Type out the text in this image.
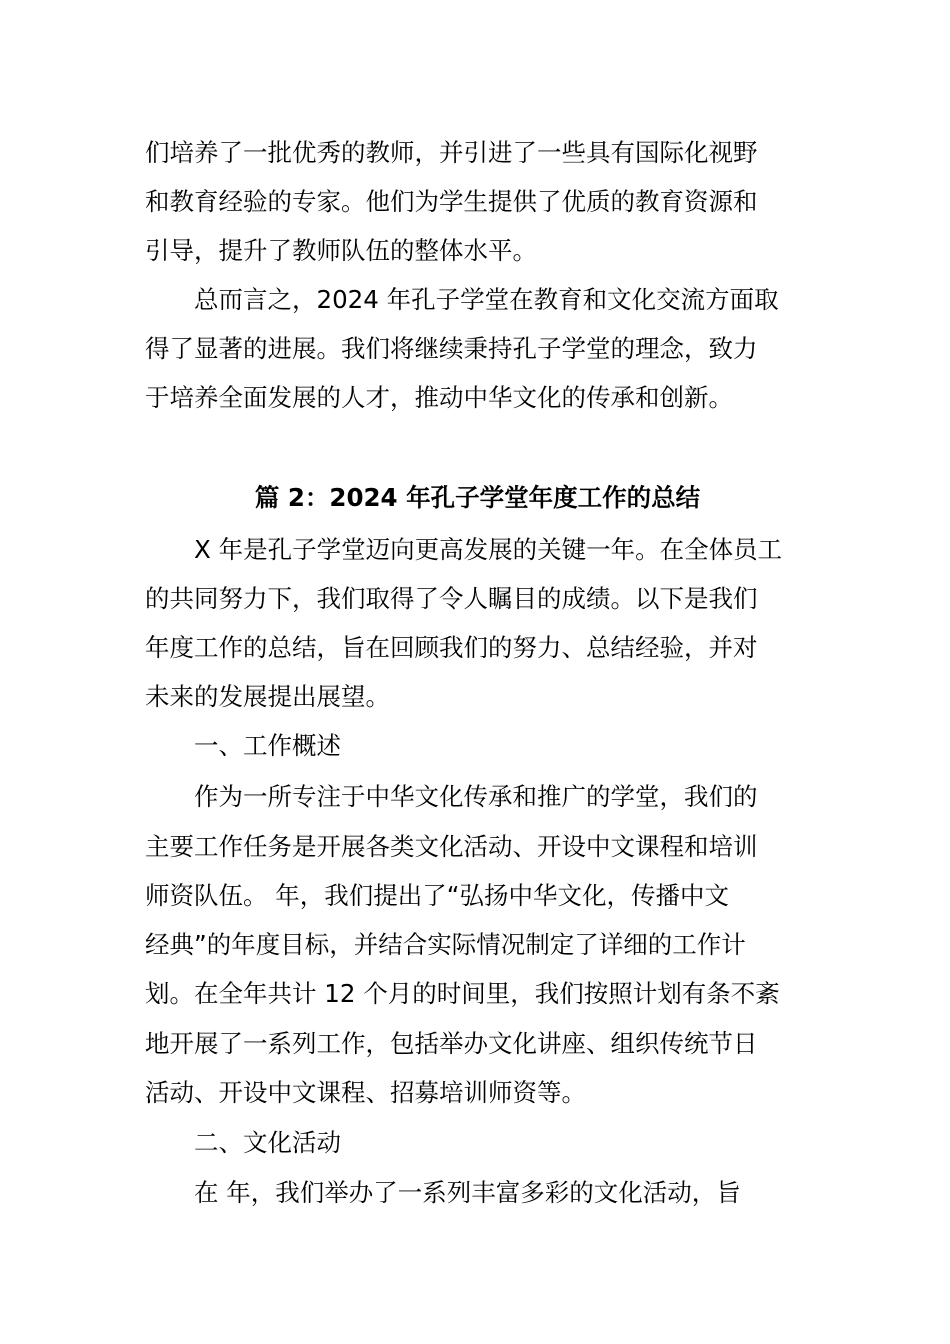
们培养了一批优秀的教师，并引进了一些具有国际化视野
和教育经验的专家。他们为学生提供了优质的教育资源和
引导，提升了教师队伍的整体水平。
总而言之，2024 年孔子学堂在教育和文化交流方面取
得了显著的进展。我们将继续秉持孔子学堂的理念，致力
于培养全面发展的人才，推动中华文化的传承和创新。
篇 2：2024 年孔子学堂年度工作的总结
X 年是孔子学堂迈向更高发展的关键一年。在全体员工
的共同努力下，我们取得了令人瞩目的成绩。以下是我们
年度工作的总结，旨在回顾我们的努力、总结经验，并对
未来的发展提出展望。
一、工作概述
作为一所专注于中华文化传承和推广的学堂，我们的
主要工作任务是开展各类文化活动、开设中文课程和培训
师资队伍。 年，我们提出了“弘扬中华文化，传播中文
经典”的年度目标，并结合实际情况制定了详细的工作计
划。在全年共计 12 个月的时间里，我们按照计划有条不紊
地开展了一系列工作，包括举办文化讲座、组织传统节日
活动、开设中文课程、招募培训师资等。
二、文化活动
在 年，我们举办了一系列丰富多彩的文化活动，旨
